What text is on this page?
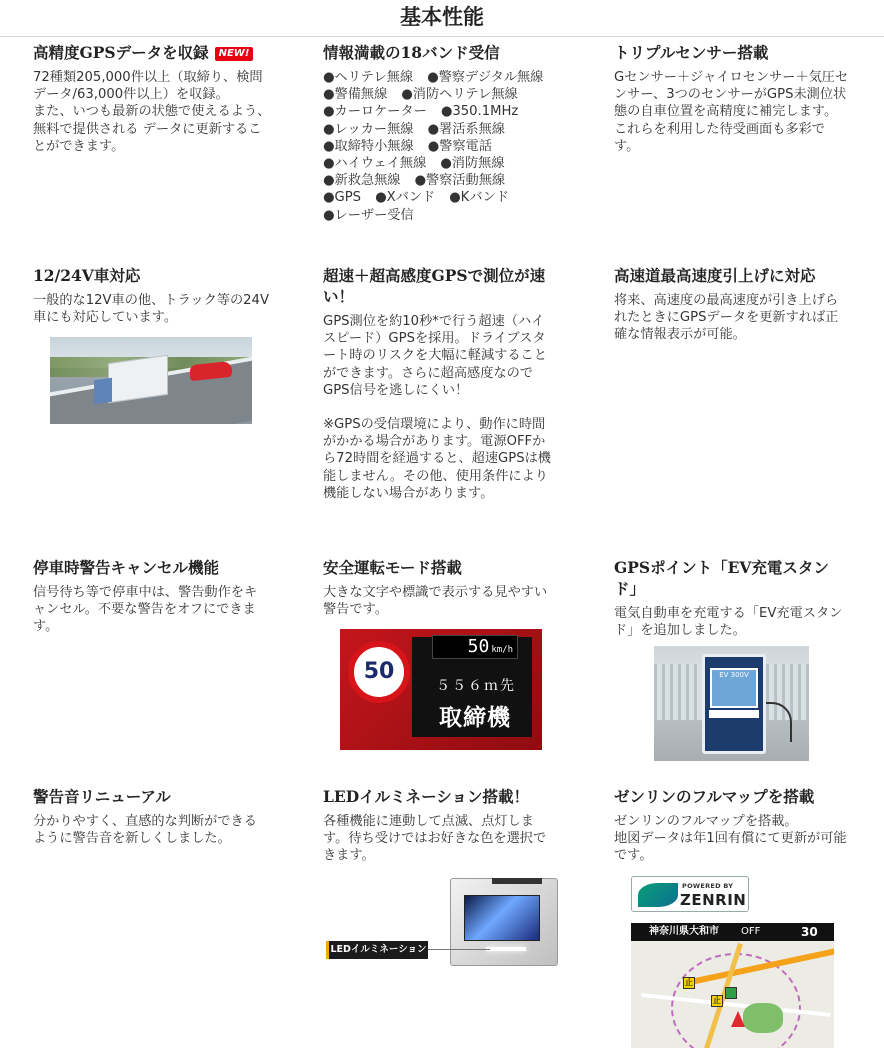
基本性能
高精度GPSデータを収録 NEW!

72種類205,000件以上（取締り、検問データ/63,000件以上）を収録。
また、いつも最新の状態で使えるよう、無料で提供される データに更新することができます。

情報満載の18バンド受信
●ヘリテレ無線 ●警察デジタル無線 ●警備無線 ●消防ヘリテレ無線 ●カーロケーター ●350.1MHz ●レッカー無線 ●署活系無線 ●取締特小無線 ●警察電話 ●ハイウェイ無線 ●消防無線 ●新救急無線 ●警察活動無線 ●GPS ●Xバンド ●Kバンド ●レーザー受信
トリプルセンサー搭載

Gセンサー＋ジャイロセンサー＋気圧センサー、3つのセンサーがGPS未測位状態の自車位置を高精度に補完します。これらを利用した待受画面も多彩です。

12/24V車対応

一般的な12V車の他、トラック等の24V車にも対応しています。

超速＋超高感度GPSで測位が速い！

GPS測位を約10秒*で行う超速（ハイスピード）GPSを採用。ドライブスタート時のリスクを大幅に軽減することができます。さらに超高感度なのでGPS信号を逃しにくい！

※GPSの受信環境により、動作に時間がかかる場合があります。電源OFFから72時間を経過すると、超速GPSは機能しません。その他、使用条件により機能しない場合があります。

高速道最高速度引上げに対応

将来、高速度の最高速度が引き上げられたときにGPSデータを更新すれば正確な情報表示が可能。

停車時警告キャンセル機能

信号待ち等で停車中は、警告動作をキャンセル。不要な警告をオフにできます。

安全運転モード搭載

大きな文字や標識で表示する見やすい警告です。

50 km/h
50
５５６ｍ先
取締機
GPSポイント「EV充電スタンド」

電気自動車を充電する「EV充電スタンド」を追加しました。

EV 300V
警告音リニューアル

分かりやすく、直感的な判断ができるように警告音を新しくしました。

LEDイルミネーション搭載！

各種機能に連動して点滅、点灯します。待ち受けではお好きな色を選択できます。

LEDイルミネーション
ゼンリンのフルマップを搭載

ゼンリンのフルマップを搭載。
地図データは年1回有償にて更新が可能です。

POWERED BY
ZENRIN
止
止
神奈川県大和市 OFF	30
